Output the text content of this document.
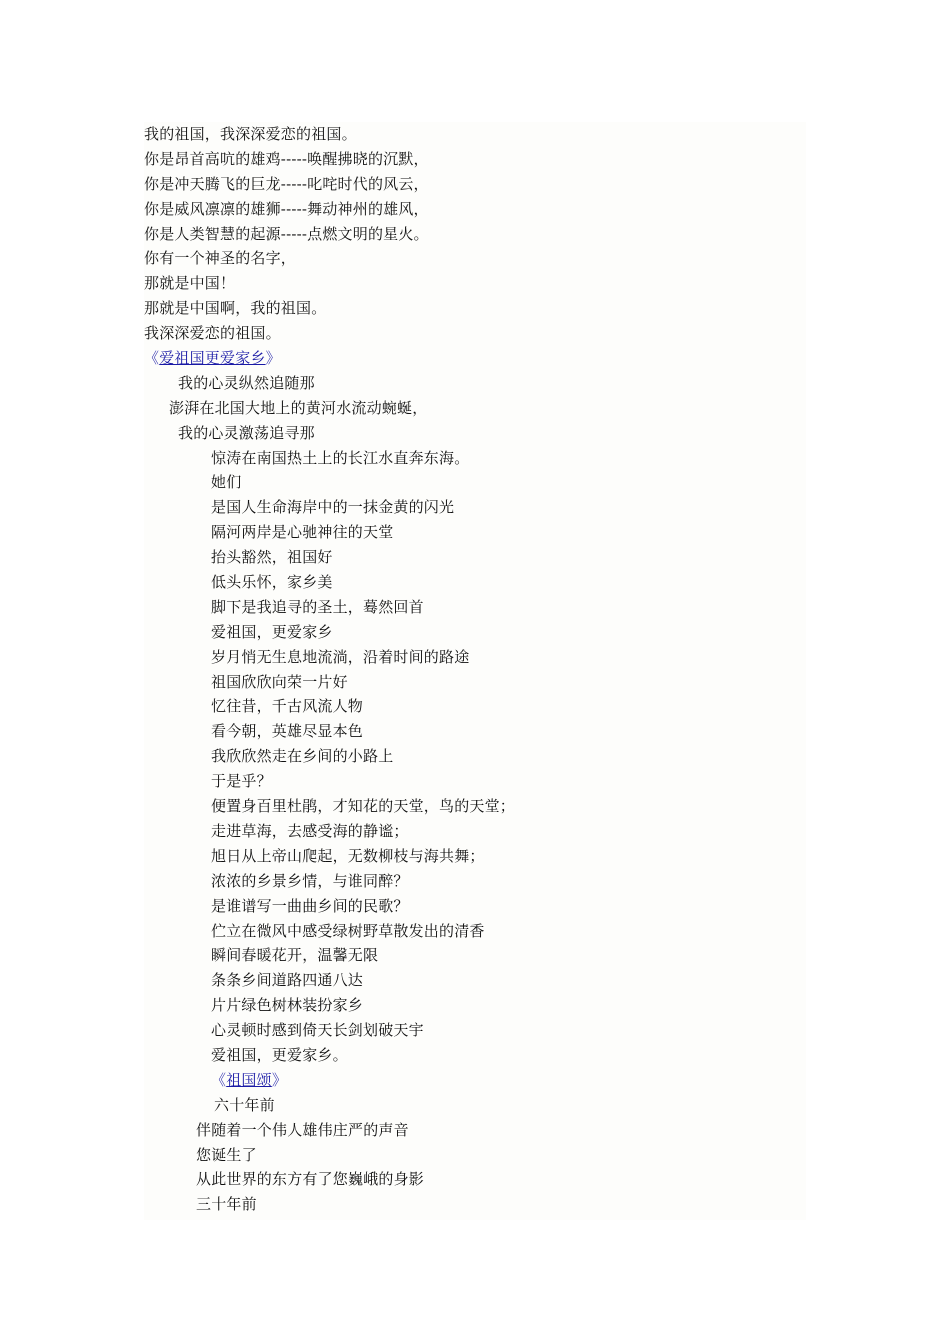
我的祖国，我深深爱恋的祖国。
你是昂首高吭的雄鸡-----唤醒拂晓的沉默，
你是冲天腾飞的巨龙-----叱咤时代的风云，
你是威风凛凛的雄狮-----舞动神州的雄风，
你是人类智慧的起源-----点燃文明的星火。
你有一个神圣的名字，
那就是中国！
那就是中国啊，我的祖国。
我深深爱恋的祖国。
《爱祖国更爱家乡》
我的心灵纵然追随那
澎湃在北国大地上的黄河水流动蜿蜒，
我的心灵激荡追寻那
惊涛在南国热土上的长江水直奔东海。
她们
是国人生命海岸中的一抹金黄的闪光
隔河两岸是心驰神往的天堂
抬头豁然，祖国好
低头乐怀，家乡美
脚下是我追寻的圣土，蓦然回首
爱祖国，更爱家乡
岁月悄无生息地流淌，沿着时间的路途
祖国欣欣向荣一片好
忆往昔，千古风流人物
看今朝，英雄尽显本色
我欣欣然走在乡间的小路上
于是乎？
便置身百里杜鹃，才知花的天堂，鸟的天堂；
走进草海，去感受海的静谧；
旭日从上帝山爬起，无数柳枝与海共舞；
浓浓的乡景乡情，与谁同醉？
是谁谱写一曲曲乡间的民歌？
伫立在微风中感受绿树野草散发出的清香
瞬间春暖花开，温馨无限
条条乡间道路四通八达
片片绿色树林装扮家乡
心灵顿时感到倚天长剑划破天宇
爱祖国，更爱家乡。
《祖国颂》
六十年前
伴随着一个伟人雄伟庄严的声音
您诞生了
从此世界的东方有了您巍峨的身影
三十年前
